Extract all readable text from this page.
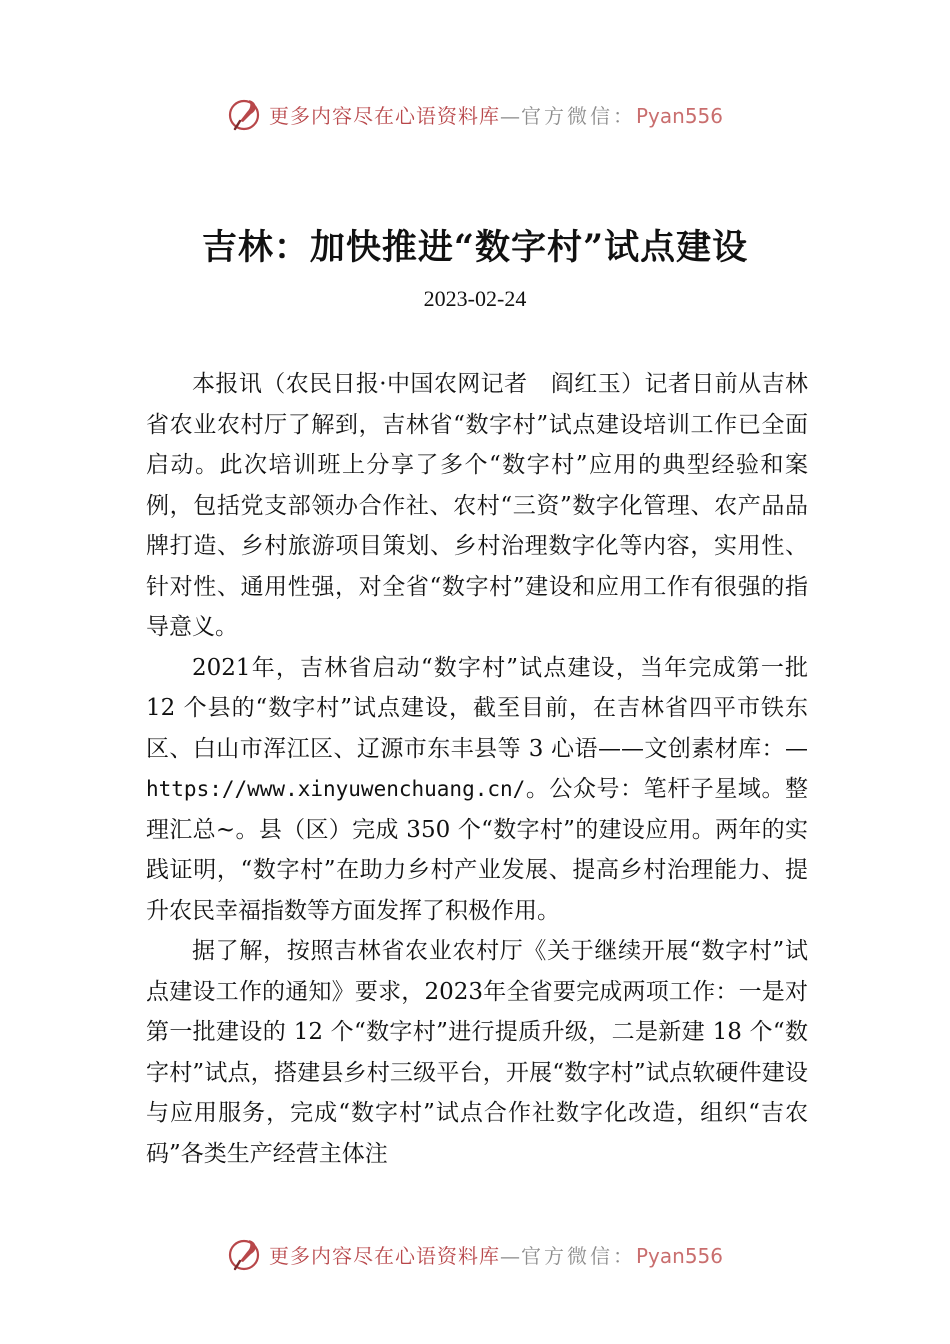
更多内容尽在心语资料库—官方微信：Pyan556
吉林：加快推进“数字村”试点建设
2023-02-24

本报讯（农民日报·中国农网记者　阎红玉）记者日前从吉林省农业农村厅了解到，吉林省“数字村”试点建设培训工作已全面启动。此次培训班上分享了多个“数字村”应用的典型经验和案例，包括党支部领办合作社、农村“三资”数字化管理、农产品品牌打造、乡村旅游项目策划、乡村治理数字化等内容，实用性、针对性、通用性强，对全省“数字村”建设和应用工作有很强的指导意义。

2021年，吉林省启动“数字村”试点建设，当年完成第一批 12 个县的“数字村”试点建设，截至目前，在吉林省四平市铁东区、白山市浑江区、辽源市东丰县等 3 心语——文创素材库：—https://www.xinyuwenchuang.cn/。公众号：笔杆子星域。整理汇总~。县（区）完成 350 个“数字村”的建设应用。两年的实践证明，“数字村”在助力乡村产业发展、提高乡村治理能力、提升农民幸福指数等方面发挥了积极作用。

据了解，按照吉林省农业农村厅《关于继续开展“数字村”试点建设工作的通知》要求，2023年全省要完成两项工作：一是对第一批建设的 12 个“数字村”进行提质升级，二是新建 18 个“数字村”试点，搭建县乡村三级平台，开展“数字村”试点软硬件建设与应用服务，完成“数字村”试点合作社数字化改造，组织“吉农码”各类生产经营主体注

更多内容尽在心语资料库—官方微信：Pyan556
